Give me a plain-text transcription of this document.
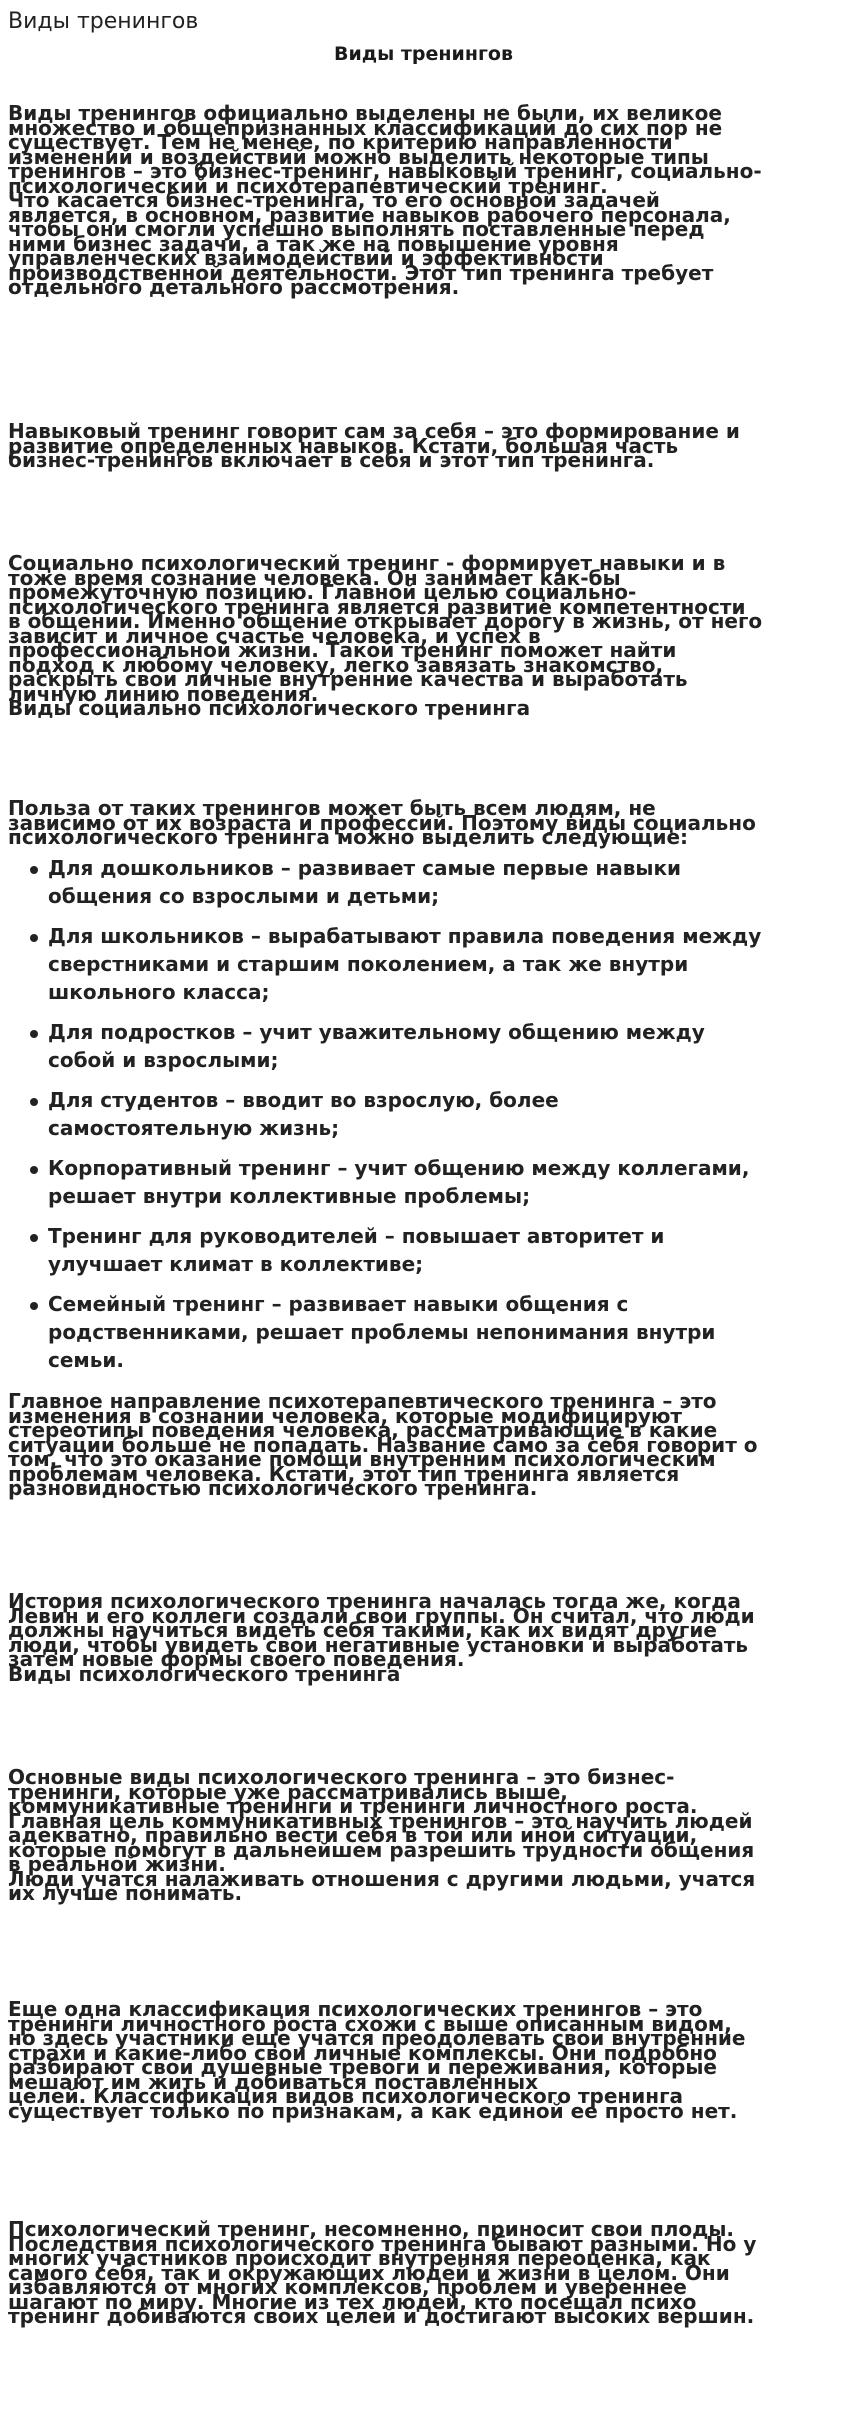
Виды тренингов
Виды тренингов

Виды тренингов официально выделены не были, их великое
множество и общепризнанных классификаций до сих пор не
существует. Тем не менее, по критерию направленности
изменений и воздействий можно выделить некоторые типы
тренингов – это бизнес-тренинг, навыковый тренинг, социально-
психологический и психотерапевтический тренинг.
Что касается бизнес-тренинга, то его основной задачей
является, в основном, развитие навыков рабочего персонала,
чтобы они смогли успешно выполнять поставленные перед
ними бизнес задачи, а так же на повышение уровня
управленческих взаимодействий и эффективности
производственной деятельности. Этот тип тренинга требует
отдельного детального рассмотрения.

Навыковый тренинг говорит сам за себя – это формирование и
развитие определенных навыков. Кстати, большая часть
бизнес-тренингов включает в себя и этот тип тренинга.

Социально психологический тренинг - формирует навыки и в
тоже время сознание человека. Он занимает как-бы
промежуточную позицию. Главной целью социально-
психологического тренинга является развитие компетентности
в общении. Именно общение открывает дорогу в жизнь, от него
зависит и личное счастье человека, и успех в
профессиональной жизни. Такой тренинг поможет найти
подход к любому человеку, легко завязать знакомство,
раскрыть свои личные внутренние качества и выработать
личную линию поведения.
Виды социально психологического тренинга

Польза от таких тренингов может быть всем людям, не
зависимо от их возраста и профессий. Поэтому виды социально
психологического тренинга можно выделить следующие:

Для дошкольников – развивает самые первые навыки
общения со взрослыми и детьми;
Для школьников – вырабатывают правила поведения между
сверстниками и старшим поколением, а так же внутри
школьного класса;
Для подростков – учит уважительному общению между
собой и взрослыми;
Для студентов – вводит во взрослую, более
самостоятельную жизнь;
Корпоративный тренинг – учит общению между коллегами,
решает внутри коллективные проблемы;
Тренинг для руководителей – повышает авторитет и
улучшает климат в коллективе;
Семейный тренинг – развивает навыки общения с
родственниками, решает проблемы непонимания внутри
семьи.

Главное направление психотерапевтического тренинга – это
изменения в сознании человека, которые модифицируют
стереотипы поведения человека, рассматривающие в какие
ситуации больше не попадать. Название само за себя говорит о
том, что это оказание помощи внутренним психологическим
проблемам человека. Кстати, этот тип тренинга является
разновидностью психологического тренинга.

История психологического тренинга началась тогда же, когда
Левин и его коллеги создали свои группы. Он считал, что люди
должны научиться видеть себя такими, как их видят другие
люди, чтобы увидеть свои негативные установки и выработать
затем новые формы своего поведения.
Виды психологического тренинга

Основные виды психологического тренинга – это бизнес-
тренинги, которые уже рассматривались выше,
коммуникативные тренинги и тренинги личностного роста.
Главная цель коммуникативных тренингов – это научить людей
адекватно, правильно вести себя в той или иной ситуации,
которые помогут в дальнейшем разрешить трудности общения
в реальной жизни.
Люди учатся налаживать отношения с другими людьми, учатся
их лучше понимать.

Еще одна классификация психологических тренингов – это
тренинги личностного роста схожи с выше описанным видом,
но здесь участники еще учатся преодолевать свои внутренние
страхи и какие-либо свои личные комплексы. Они подробно
разбирают свои душевные тревоги и переживания, которые
мешают им жить и добиваться поставленных
целей. Классификация видов психологического тренинга
существует только по признакам, а как единой ее просто нет.

Психологический тренинг, несомненно, приносит свои плоды.
Последствия психологического тренинга бывают разными. Но у
многих участников происходит внутренняя переоценка, как
самого себя, так и окружающих людей и жизни в целом. Они
избавляются от многих комплексов, проблем и увереннее
шагают по миру. Многие из тех людей, кто посещал психо
тренинг добиваются своих целей и достигают высоких вершин.
